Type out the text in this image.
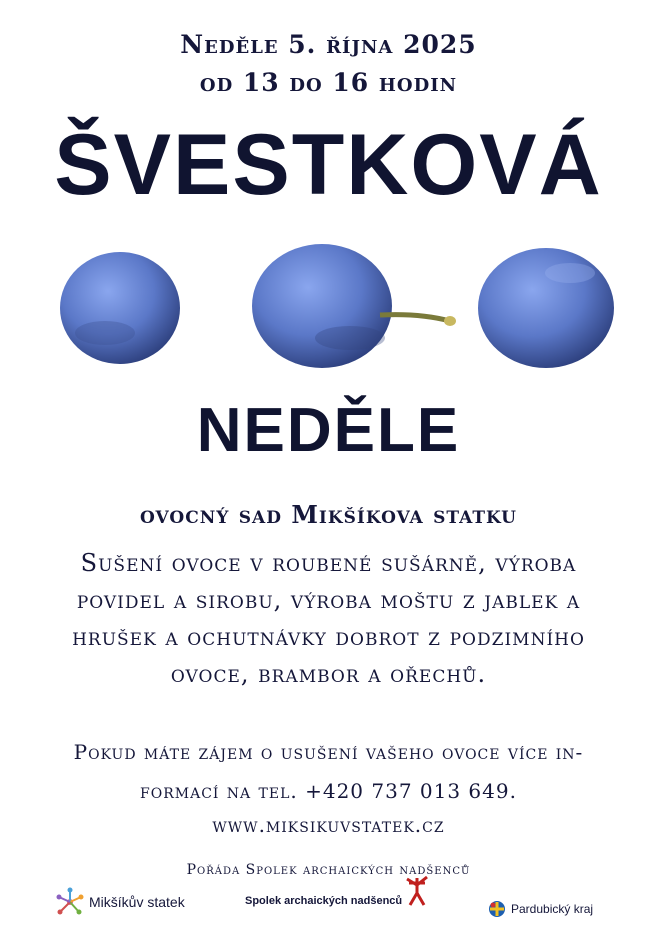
Neděle 5. října 2025
od 13 do 16 hodin
ŠVESTKOVÁ
NEDĚLE
ovocný sad Mikšíkova statku
Sušení ovoce v roubené sušárně, výroba povidel a sirobu, výroba moštu z jablek a hrušek a ochutnávky dobrot z podzimního ovoce, brambor a ořechů.
Pokud máte zájem o usušení vašeho ovoce více in-
formací na tel. +420 737 013 649.
www.miksikuvstatek.cz
Pořáda Spolek archaických nadšenců
Mikšíkův statek	Spolek archaických nadšenců
Pardubický kraj
